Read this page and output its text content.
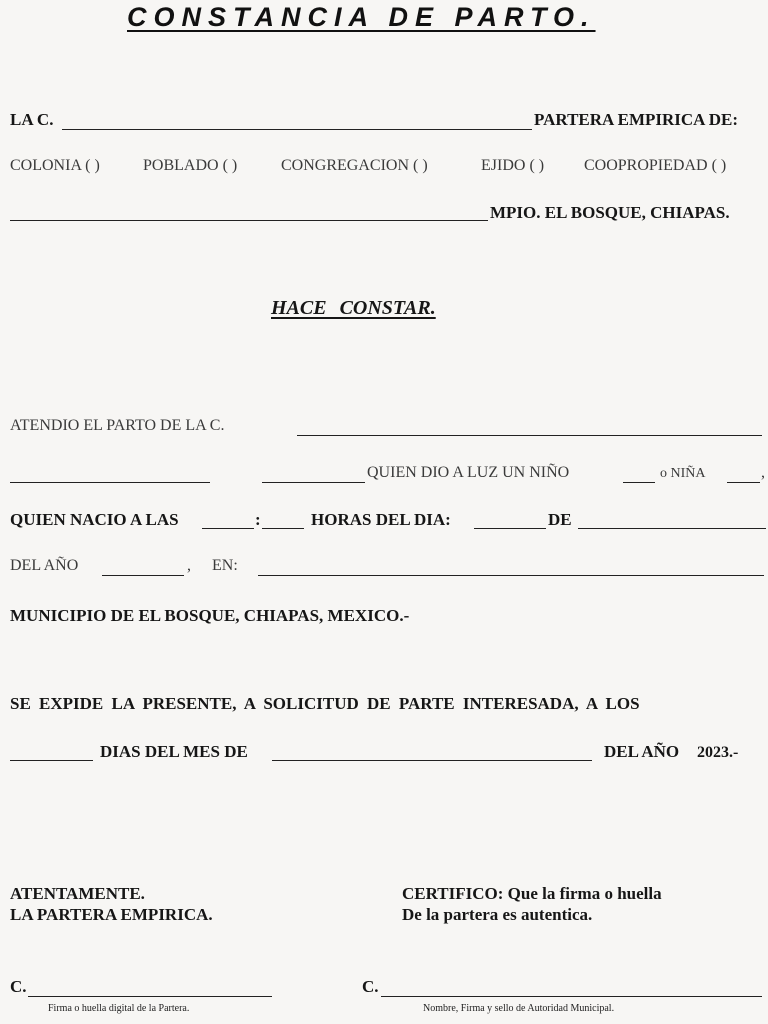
CONSTANCIA DE PARTO.
LA C.	PARTERA EMPIRICA DE:
COLONIA ( )	POBLADO ( )	CONGREGACION ( )	EJIDO ( ) COOPROPIEDAD ( )
MPIO. EL BOSQUE, CHIAPAS.
HACE CONSTAR.
ATENDIO EL PARTO DE LA C.
QUIEN DIO A LUZ UN NIÑO	o NIÑA	,
QUIEN NACIO A LAS	:	HORAS DEL DIA:	DE
DEL AÑO	, EN:
MUNICIPIO DE EL BOSQUE, CHIAPAS, MEXICO.-
SE EXPIDE LA PRESENTE, A SOLICITUD DE PARTE INTERESADA, A LOS
DIAS DEL MES DE	DEL AÑO 2023.-
ATENTAMENTE.
LA PARTERA EMPIRICA.
C.
Firma o huella digital de la Partera.
CERTIFICO: Que la firma o huella
De la partera es autentica.
C.
Nombre, Firma y sello de Autoridad Municipal.
